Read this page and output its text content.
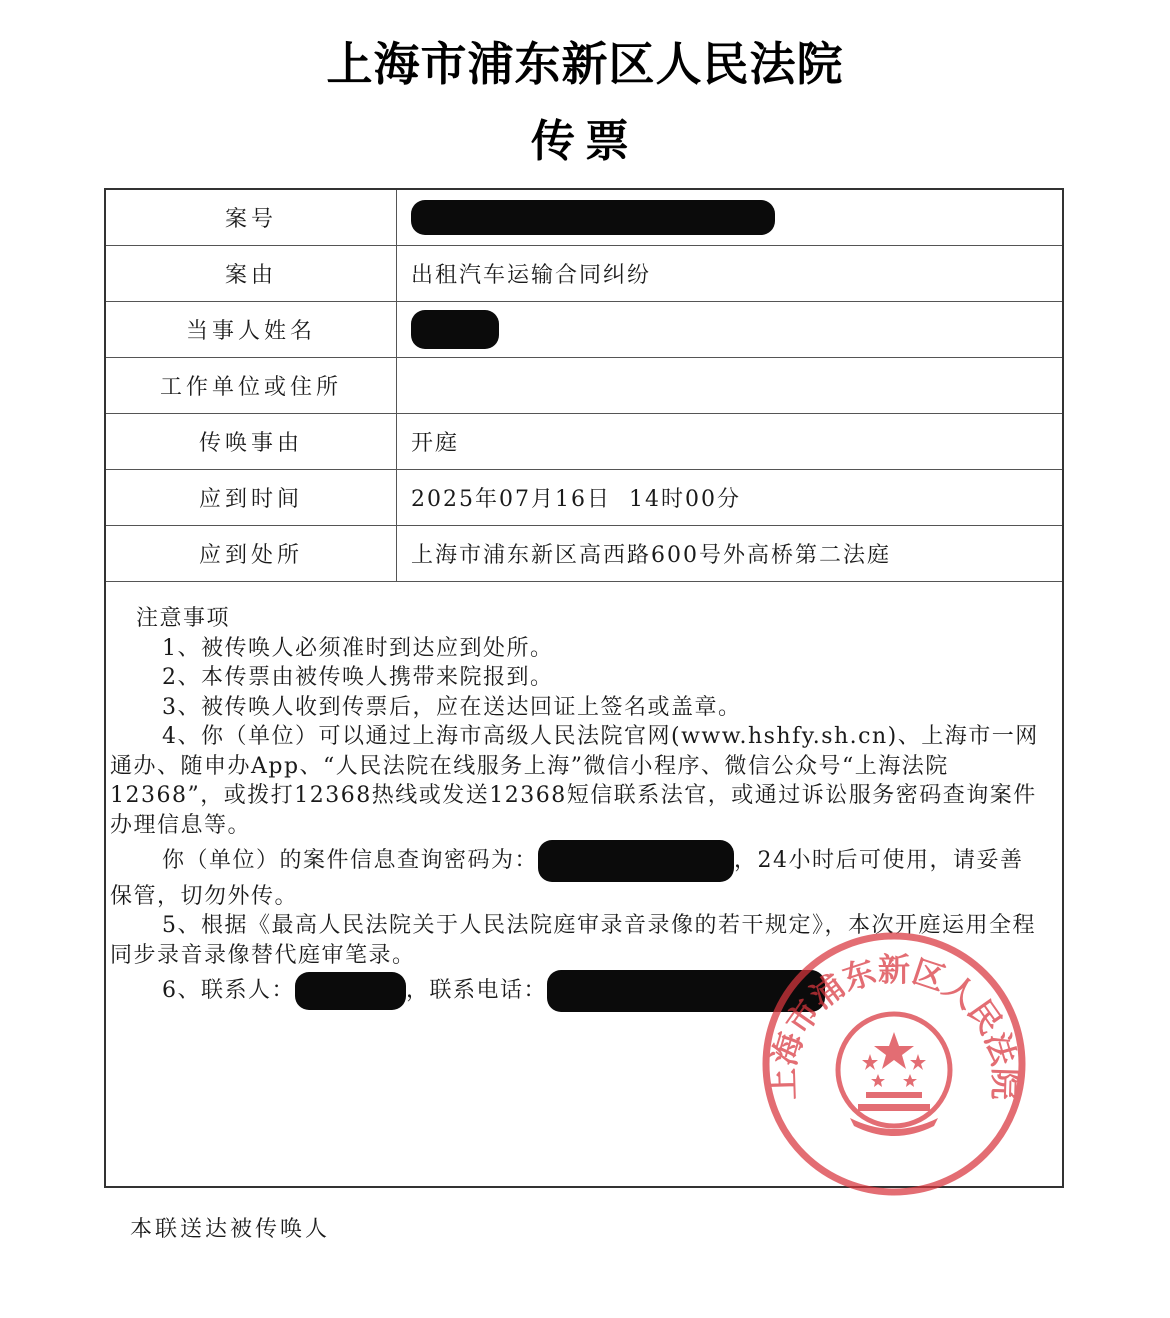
上海市浦东新区人民法院
传票
案号	
案由	出租汽车运输合同纠纷
当事人姓名	
工作单位或住所	
传唤事由	开庭
应到时间	2025年07月16日  14时00分
应到处所	上海市浦东新区高西路600号外高桥第二法庭

注意事项

1、被传唤人必须准时到达应到处所。

2、本传票由被传唤人携带来院报到。

3、被传唤人收到传票后，应在送达回证上签名或盖章。

4、你（单位）可以通过上海市高级人民法院官网(www.hshfy.sh.cn)、上海市一网通办、随申办App、“人民法院在线服务上海”微信小程序、微信公众号“上海法院12368”，或拨打12368热线或发送12368短信联系法官，或通过诉讼服务密码查询案件办理信息等。

你（单位）的案件信息查询密码为：	，24小时后可使用，请妥善保管，切勿外传。

5、根据《最高人民法院关于人民法院庭审录音录像的若干规定》，本次开庭运用全程同步录音录像替代庭审笔录。

6、联系人：	，联系电话：

上海市浦东新区人民法院
本联送达被传唤人
